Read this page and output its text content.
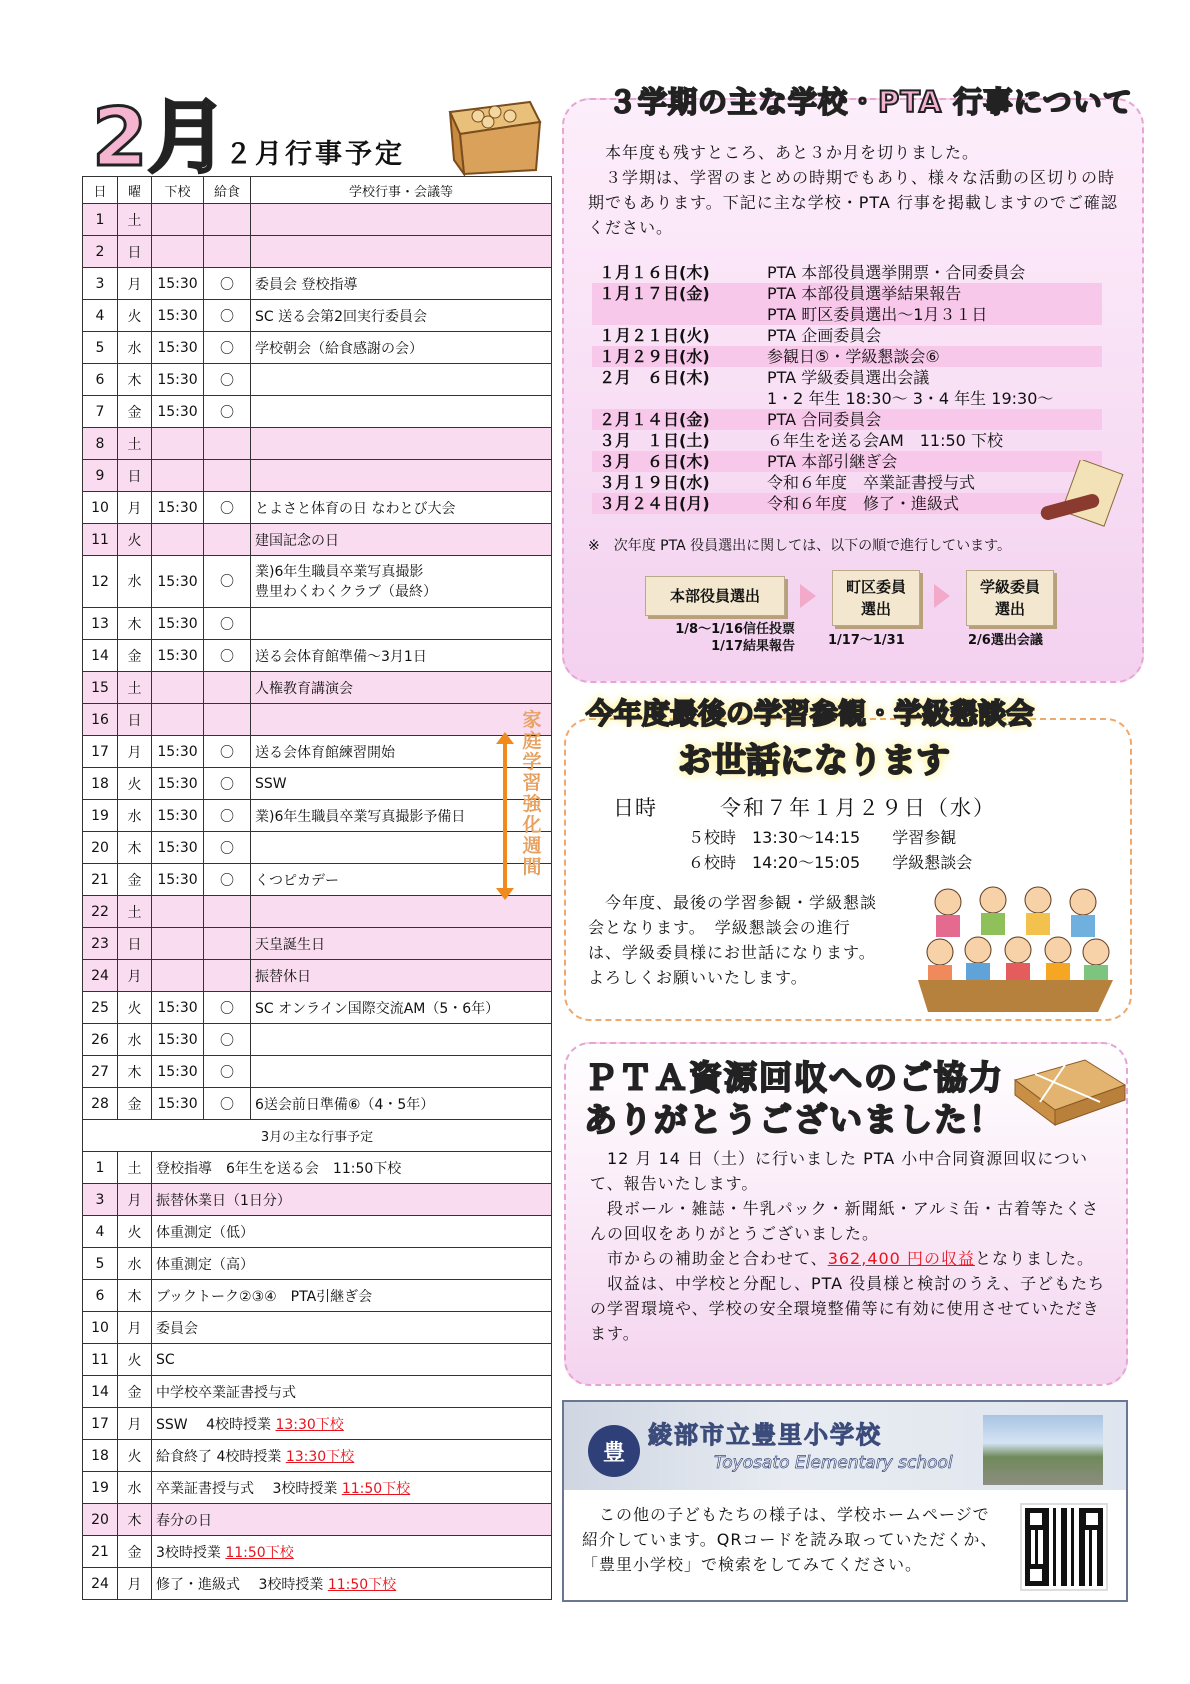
2月
２月行事予定
日	曜	下校	給食	学校行事・会議等
1	土			

2	日			

3	月	15:30	〇	委員会 登校指導

4	火	15:30	〇	SC 送る会第2回実行委員会

5	水	15:30	〇	学校朝会（給食感謝の会）

6	木	15:30	〇	

7	金	15:30	〇	

8	土			

9	日			

10	月	15:30	〇	とよさと体育の日 なわとび大会

11	火			建国記念の日

12	水	15:30	〇	業)6年生職員卒業写真撮影
豊里わくわくクラブ（最終）

13	木	15:30	〇	

14	金	15:30	〇	送る会体育館準備～3月1日

15	土			人権教育講演会

16	日			

17	月	15:30	〇	送る会体育館練習開始

18	火	15:30	〇	SSW

19	水	15:30	〇	業)6年生職員卒業写真撮影予備日

20	木	15:30	〇	

21	金	15:30	〇	くつピカデー

22	土			

23	日			天皇誕生日

24	月			振替休日

25	火	15:30	〇	SC オンライン国際交流AM（5・6年）

26	水	15:30	〇	

27	木	15:30	〇	

28	金	15:30	〇	6送会前日準備⑥（4・5年）

3月の主な行事予定				
1	土	登校指導　6年生を送る会　11:50下校		
3	月	振替休業日（1日分）		
4	火	体重測定（低）		
5	水	体重測定（高）		
6	木	ブックトーク②③④　PTA引継ぎ会		
10	月	委員会		
11	火	SC		
14	金	中学校卒業証書授与式		
17	月	SSW　 4校時授業 13:30下校		
18	火	給食終了 4校時授業 13:30下校		
19	水	卒業証書授与式　 3校時授業 11:50下校		
20	木	春分の日		
21	金	3校時授業 11:50下校		
24	月	修了・進級式　 3校時授業 11:50下校		
家庭学習強化週間
３学期の主な学校・PTA 行事について
　本年度も残すところ、あと３か月を切りました。
　３学期は、学習のまとめの時期でもあり、様々な活動の区切りの時期でもあります。下記に主な学校・PTA 行事を掲載しますのでご確認ください。
１月１６日(木)	PTA 本部役員選挙開票・合同委員会
１月１７日(金)	PTA 本部役員選挙結果報告
PTA 町区委員選出～1月３１日
１月２１日(火)	PTA 企画委員会
１月２９日(水)	参観日⑤・学級懇談会⑥
２月　６日(木)	PTA 学級委員選出会議
1・2 年生 18:30～ 3・4 年生 19:30～
２月１４日(金)	PTA 合同委員会
３月　１日(土)	６年生を送る会AM　11:50 下校
３月　６日(木)	PTA 本部引継ぎ会
３月１９日(水)	令和６年度　卒業証書授与式
３月２４日(月)	令和６年度　修了・進級式
※　次年度 PTA 役員選出に関しては、以下の順で進行しています。
本部役員選出	町区委員
選出
学級委員
選出
1/8～1/16信任投票
1/17結果報告	1/17～1/31	2/6選出会議
今年度最後の学習参観・学級懇談会
お世話になります
日時	令和７年１月２９日（水）
５校時　13:30～14:15　　学習参観
６校時　14:20～15:05　　学級懇談会
　今年度、最後の学習参観・学級懇談会となります。　学級懇談会の進行は、学級委員様にお世話になります。よろしくお願いいたします。
ＰＴＡ資源回収へのご協力
ありがとうございました！
　12 月 14 日（土）に行いました PTA 小中合同資源回収について、報告いたします。
　段ボール・雑誌・牛乳パック・新聞紙・アルミ缶・古着等たくさんの回収をありがとうございました。
　市からの補助金と合わせて、362,400 円の収益となりました。
　収益は、中学校と分配し、PTA 役員様と検討のうえ、子どもたちの学習環境や、学校の安全環境整備等に有効に使用させていただきます。
豊
綾部市立豊里小学校
Toyosato Elementary school
　この他の子どもたちの様子は、学校ホームページで紹介しています。QRコードを読み取っていただくか、「豊里小学校」で検索をしてみてください。
